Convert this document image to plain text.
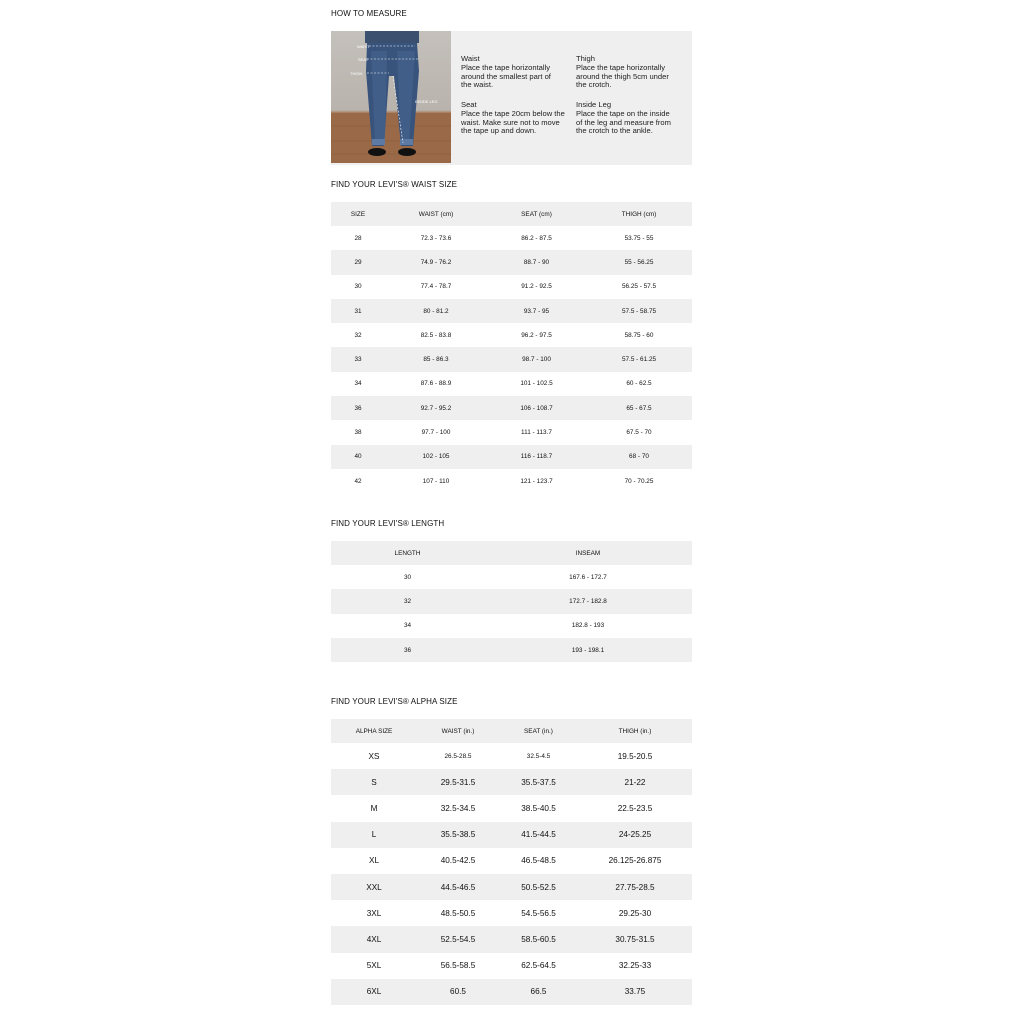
HOW TO MEASURE
WAIST
SEAT
THIGH
INSIDE LEG
Waist
Place the tape horizontally around the smallest part of the waist.
Thigh
Place the tape horizontally around the thigh 5cm under the crotch.
Seat
Place the tape 20cm below the waist. Make sure not to move the tape up and down.
Inside Leg
Place the tape on the inside of the leg and measure from the crotch to the ankle.
FIND YOUR LEVI'S® WAIST SIZE
SIZE	WAIST (cm)	SEAT (cm)	THIGH (cm)
28	72.3 - 73.6	86.2 - 87.5	53.75 - 55
29	74.9 - 76.2	88.7 - 90	55 - 56.25
30	77.4 - 78.7	91.2 - 92.5	56.25 - 57.5
31	80 - 81.2	93.7 - 95	57.5 - 58.75
32	82.5 - 83.8	96.2 - 97.5	58.75 - 60
33	85 - 86.3	98.7 - 100	57.5 - 61.25
34	87.6 - 88.9	101 - 102.5	60 - 62.5
36	92.7 - 95.2	106 - 108.7	65 - 67.5
38	97.7 - 100	111 - 113.7	67.5 - 70
40	102 - 105	116 - 118.7	68 - 70
42	107 - 110	121 - 123.7	70 - 70.25
FIND YOUR LEVI'S® LENGTH
LENGTH	INSEAM
30	167.6 - 172.7
32	172.7 - 182.8
34	182.8 - 193
36	193 - 198.1
FIND YOUR LEVI'S® ALPHA SIZE
ALPHA SIZE	WAIST (in.)	SEAT (in.)	THIGH (in.)
XS	26.5-28.5	32.5-4.5	19.5-20.5
S	29.5-31.5	35.5-37.5	21-22
M	32.5-34.5	38.5-40.5	22.5-23.5
L	35.5-38.5	41.5-44.5	24-25.25
XL	40.5-42.5	46.5-48.5	26.125-26.875
XXL	44.5-46.5	50.5-52.5	27.75-28.5
3XL	48.5-50.5	54.5-56.5	29.25-30
4XL	52.5-54.5	58.5-60.5	30.75-31.5
5XL	56.5-58.5	62.5-64.5	32.25-33
6XL	60.5	66.5	33.75
